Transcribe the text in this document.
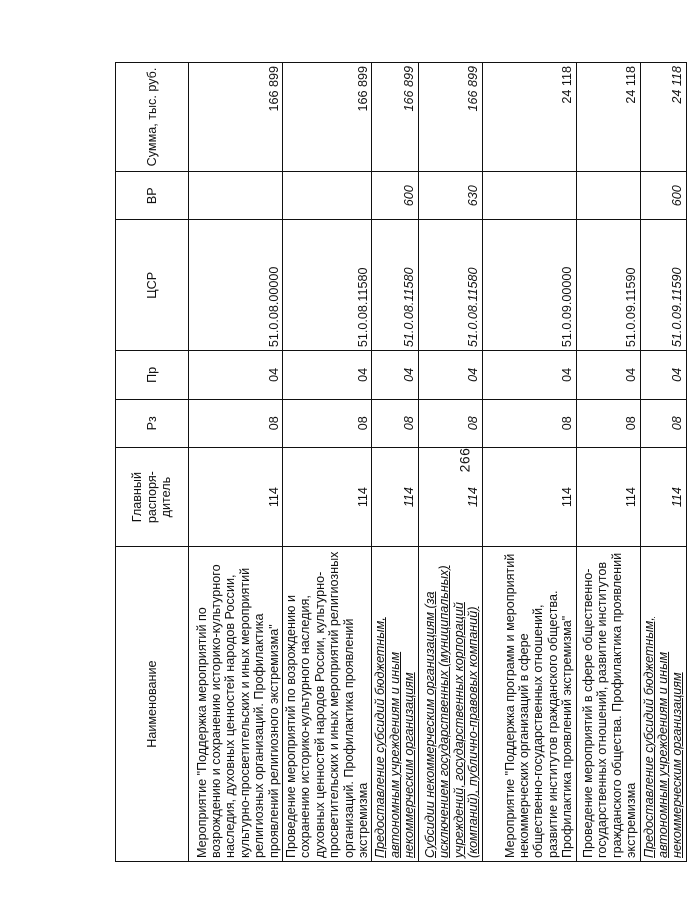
266
Наименование	Главный распоря-дитель	Рз	Пр	ЦСР	ВР	Сумма, тыс. руб.
Мероприятие "Поддержка мероприятий по возрождению и сохранению историко-культурного наследия, духовных ценностей народов России, культурно-просветительских и иных мероприятий религиозных организаций. Профилактика проявлений религиозного экстремизма"	114	08	04	51.0.08.00000		166 899
Проведение мероприятий по возрождению и сохранению историко-культурного наследия, духовных ценностей народов России, культурно-просветительских и иных мероприятий религиозных организаций. Профилактика проявлений экстремизма	114	08	04	51.0.08.11580		166 899
Предоставление субсидий бюджетным, автономным учреждениям и иным некоммерческим организациям	114	08	04	51.0.08.11580	600	166 899
Субсидии некоммерческим организациям (за исключением государственных (муниципальных) учреждений, государственных корпораций (компаний), публично-правовых компаний)	114	08	04	51.0.08.11580	630	166 899
Мероприятие "Поддержка программ и мероприятий некоммерческих организаций в сфере общественно-государственных отношений, развитие институтов гражданского общества. Профилактика проявлений экстремизма"	114	08	04	51.0.09.00000		24 118
Проведение мероприятий в сфере общественно-государственных отношений, развитие институтов гражданского общества. Профилактика проявлений экстремизма	114	08	04	51.0.09.11590		24 118
Предоставление субсидий бюджетным, автономным учреждениям и иным некоммерческим организациям	114	08	04	51.0.09.11590	600	24 118
